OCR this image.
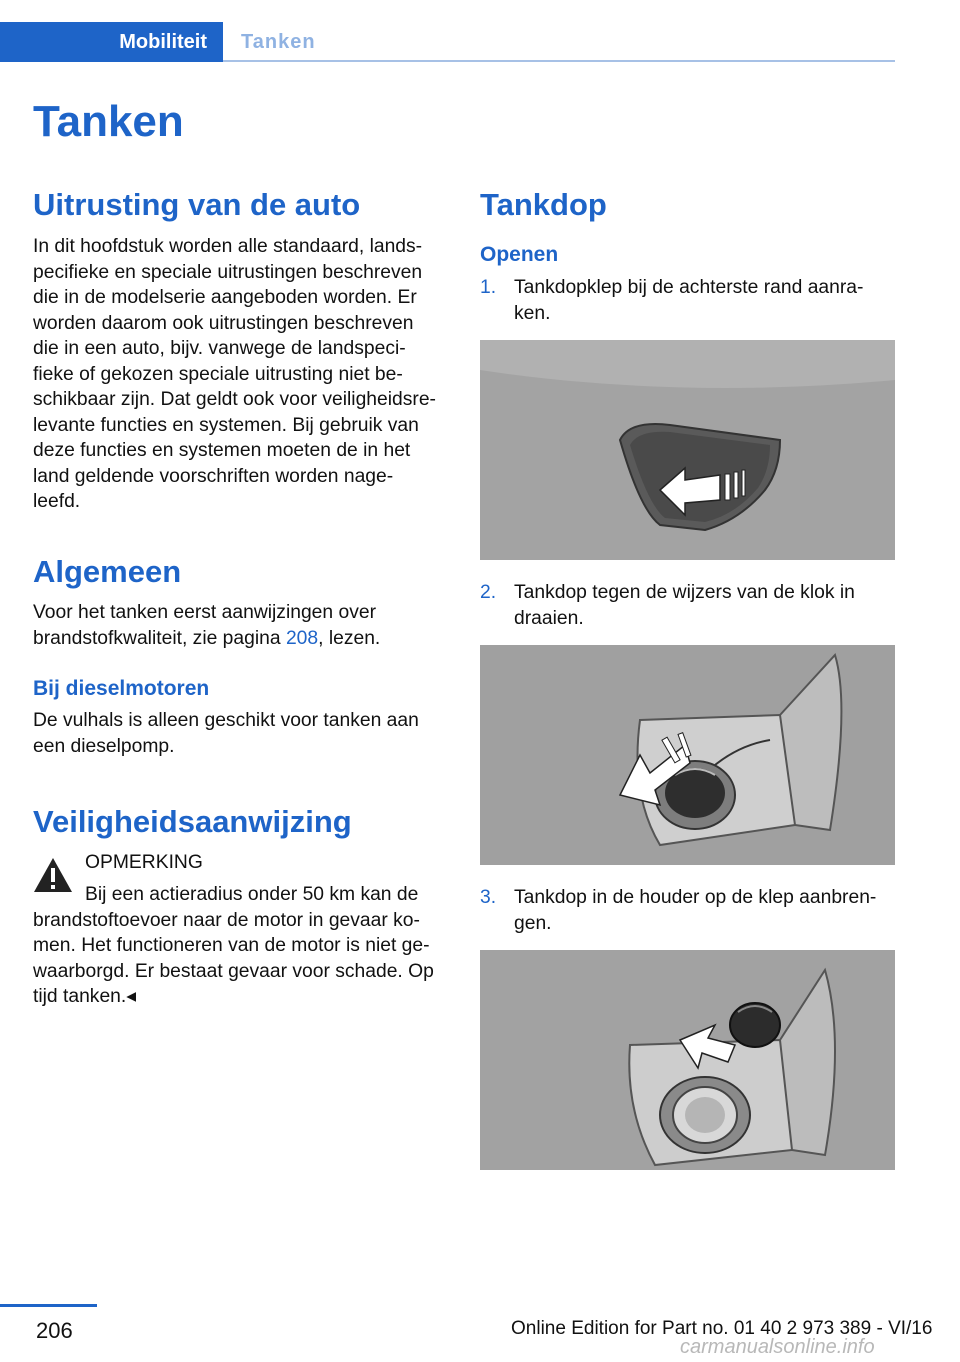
Mobiliteit	Tanken
Tanken
Uitrusting van de auto

In dit hoofdstuk worden alle standaard, lands-

pecifieke en speciale uitrustingen beschreven

die in de modelserie aangeboden worden. Er

worden daarom ook uitrustingen beschreven

die in een auto, bijv. vanwege de landspeci-

fieke of gekozen speciale uitrusting niet be-

schikbaar zijn. Dat geldt ook voor veiligheidsre-

levante functies en systemen. Bij gebruik van

deze functies en systemen moeten de in het

land geldende voorschriften worden nage-

leefd.

Algemeen

Voor het tanken eerst aanwijzingen over

brandstofkwaliteit, zie pagina 208, lezen.

Bij dieselmotoren

De vulhals is alleen geschikt voor tanken aan

een dieselpomp.

Veiligheidsaanwijzing
OPMERKING
Bij een actieradius onder 50 km kan de

brandstoftoevoer naar de motor in gevaar ko-

men. Het functioneren van de motor is niet ge-

waarborgd. Er bestaat gevaar voor schade. Op

tijd tanken.◂

Tankdop
Openen
1. Tankdopklep bij de achterste rand aanra-

ken.

2. Tankdop tegen de wijzers van de klok in

draaien.

3. Tankdop in de houder op de klep aanbren-

gen.

206	Online Edition for Part no. 01 40 2 973 389 - VI/16
carmanualsonline.info
